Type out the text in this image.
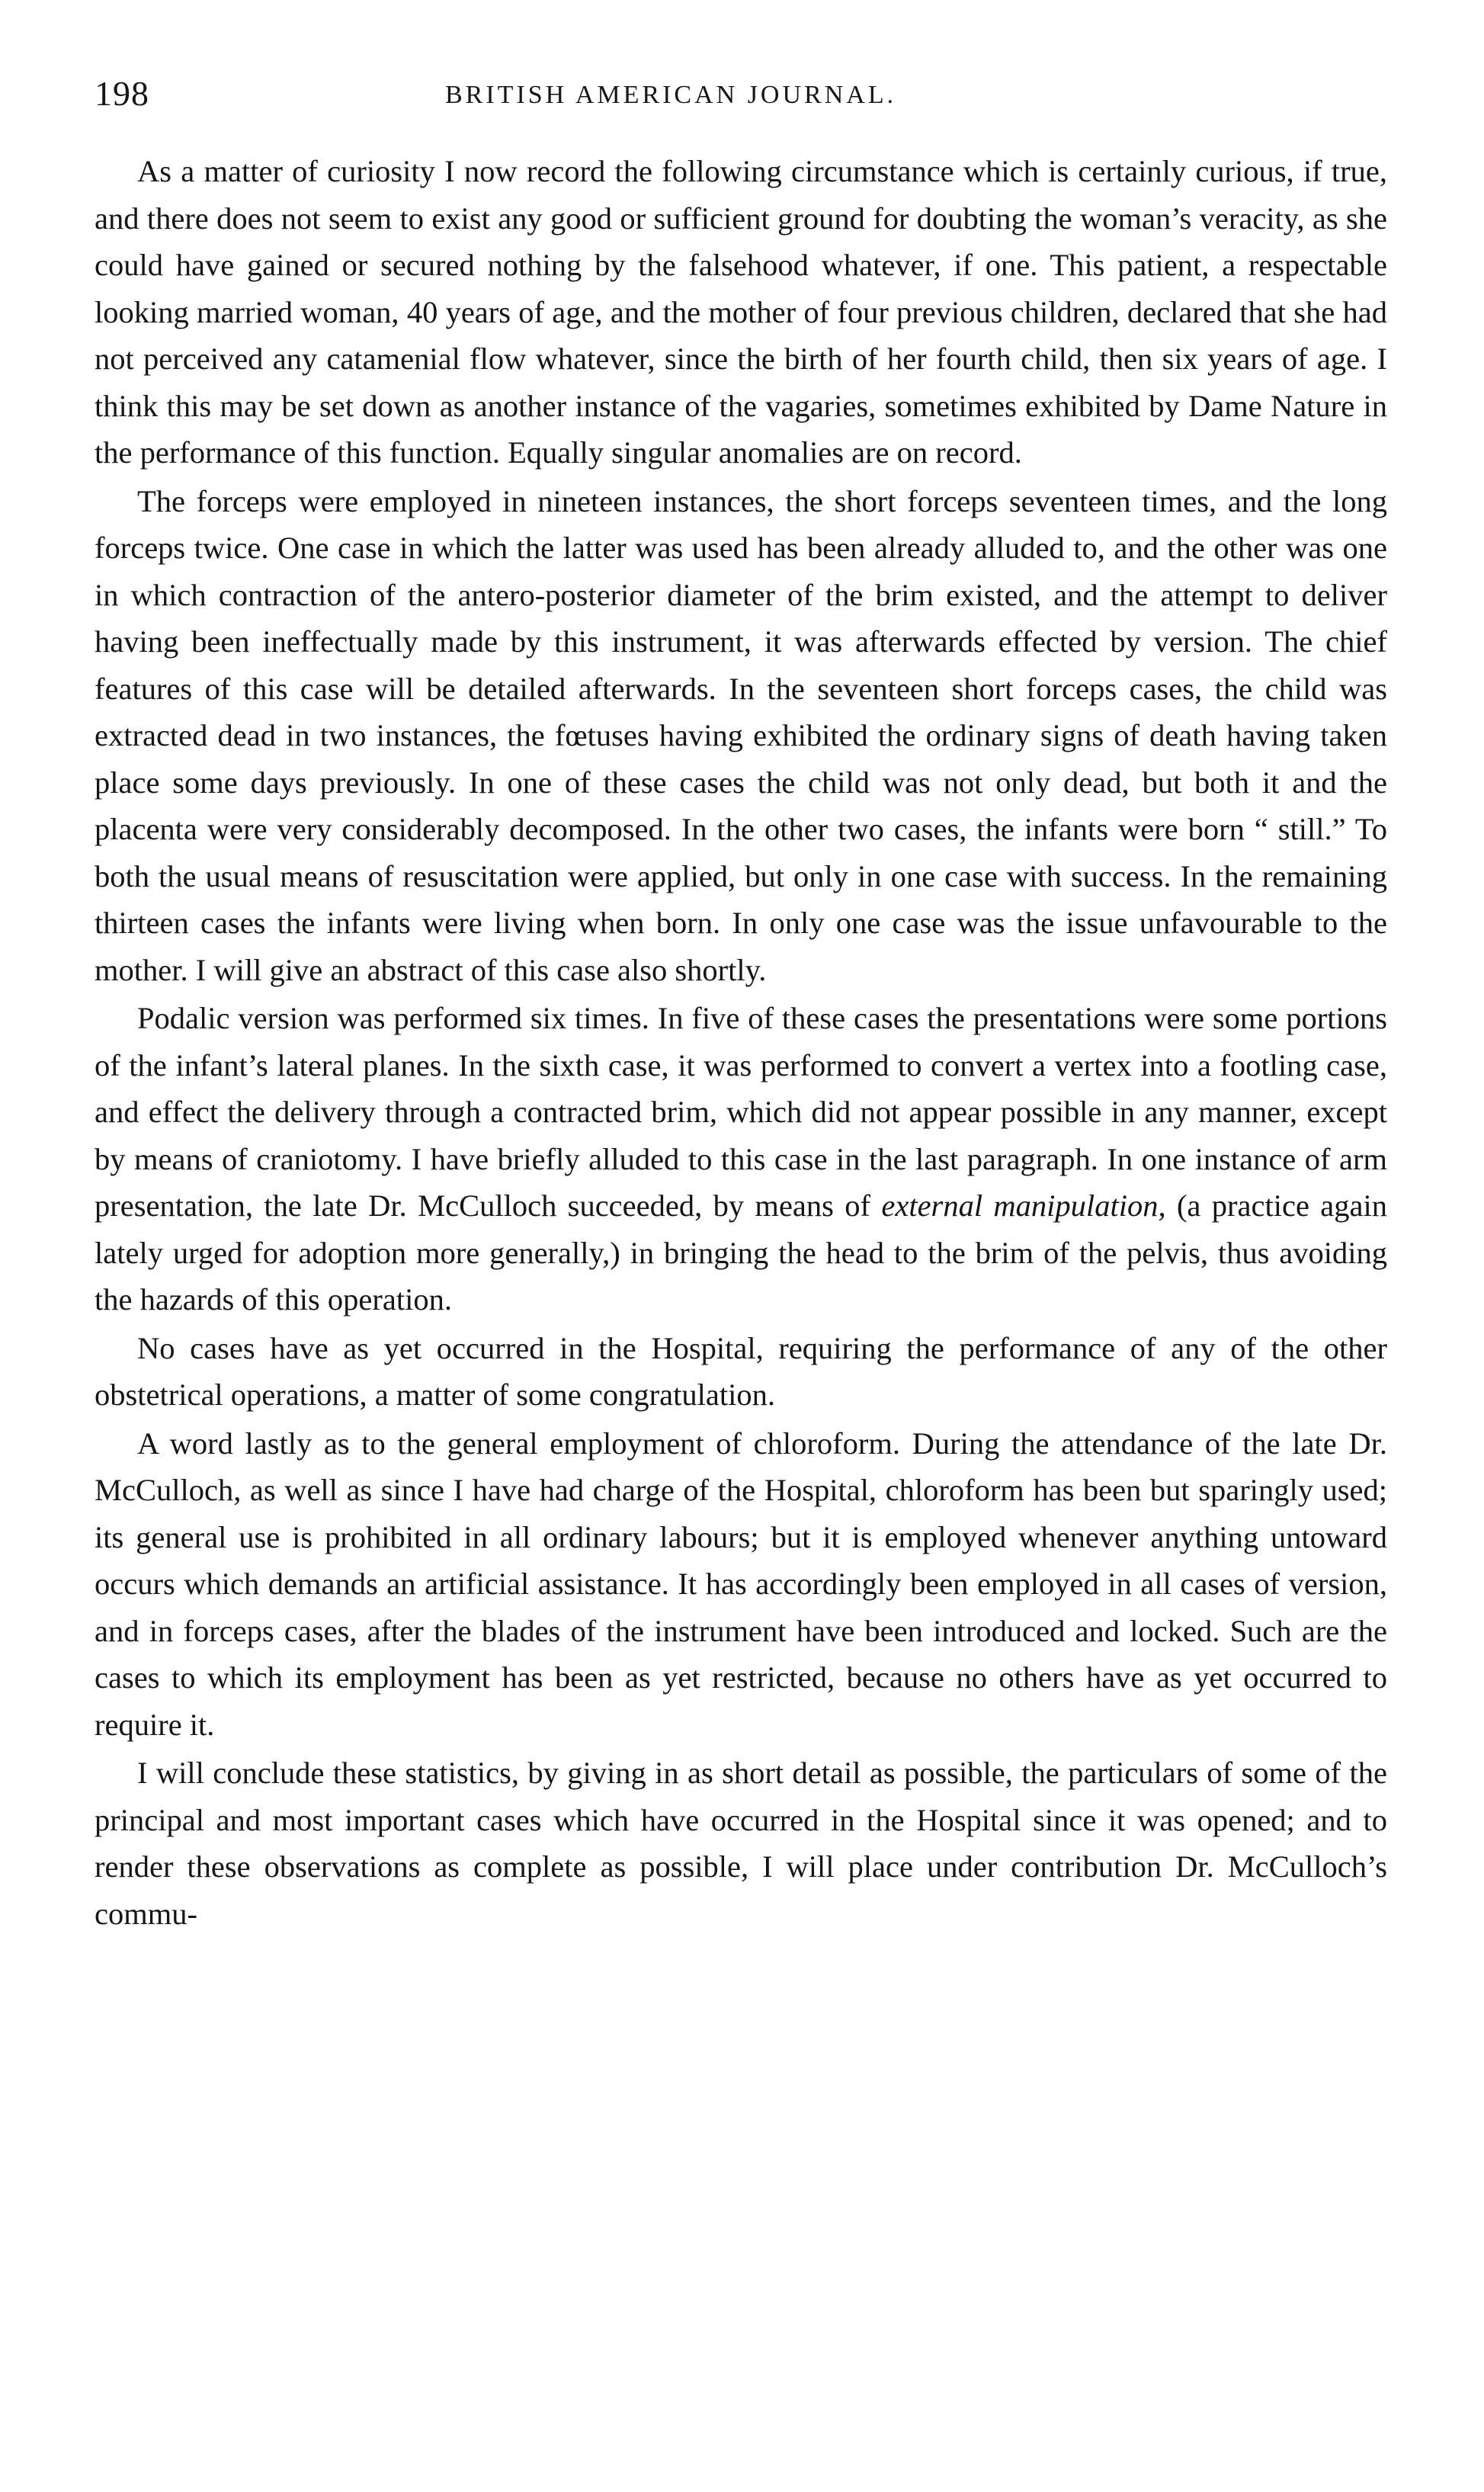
198	BRITISH AMERICAN JOURNAL.

As a matter of curiosity I now record the following circumstance which is certainly curious, if true, and there does not seem to exist any good or sufficient ground for doubting the woman’s veracity, as she could have gained or secured nothing by the falsehood whatever, if one. This patient, a respectable looking married woman, 40 years of age, and the mother of four previous children, declared that she had not perceived any catamenial flow whatever, since the birth of her fourth child, then six years of age. I think this may be set down as another instance of the vagaries, sometimes exhibited by Dame Nature in the performance of this function. Equally singular anomalies are on record.

The forceps were employed in nineteen instances, the short forceps seventeen times, and the long forceps twice. One case in which the latter was used has been already alluded to, and the other was one in which contraction of the antero-posterior diameter of the brim existed, and the attempt to deliver having been ineffectually made by this instrument, it was afterwards effected by version. The chief features of this case will be detailed afterwards. In the seventeen short forceps cases, the child was extracted dead in two instances, the fœtuses having exhibited the ordinary signs of death having taken place some days previously. In one of these cases the child was not only dead, but both it and the placenta were very considerably decomposed. In the other two cases, the infants were born “ still.” To both the usual means of resuscitation were applied, but only in one case with success. In the remaining thirteen cases the infants were living when born. In only one case was the issue unfavourable to the mother. I will give an abstract of this case also shortly.

Podalic version was performed six times. In five of these cases the presentations were some portions of the infant’s lateral planes. In the sixth case, it was performed to convert a vertex into a footling case, and effect the delivery through a contracted brim, which did not appear possible in any manner, except by means of craniotomy. I have briefly alluded to this case in the last paragraph. In one instance of arm presentation, the late Dr. McCulloch succeeded, by means of external manipulation, (a practice again lately urged for adoption more generally,) in bringing the head to the brim of the pelvis, thus avoiding the hazards of this operation.

No cases have as yet occurred in the Hospital, requiring the performance of any of the other obstetrical operations, a matter of some congratulation.

A word lastly as to the general employment of chloroform. During the attendance of the late Dr. McCulloch, as well as since I have had charge of the Hospital, chloroform has been but sparingly used; its general use is prohibited in all ordinary labours; but it is employed whenever anything untoward occurs which demands an artificial assistance. It has accordingly been employed in all cases of version, and in forceps cases, after the blades of the instrument have been introduced and locked. Such are the cases to which its employment has been as yet restricted, because no others have as yet occurred to require it.

I will conclude these statistics, by giving in as short detail as possible, the particulars of some of the principal and most important cases which have occurred in the Hospital since it was opened; and to render these observations as complete as possible, I will place under contribution Dr. McCulloch’s commu-
